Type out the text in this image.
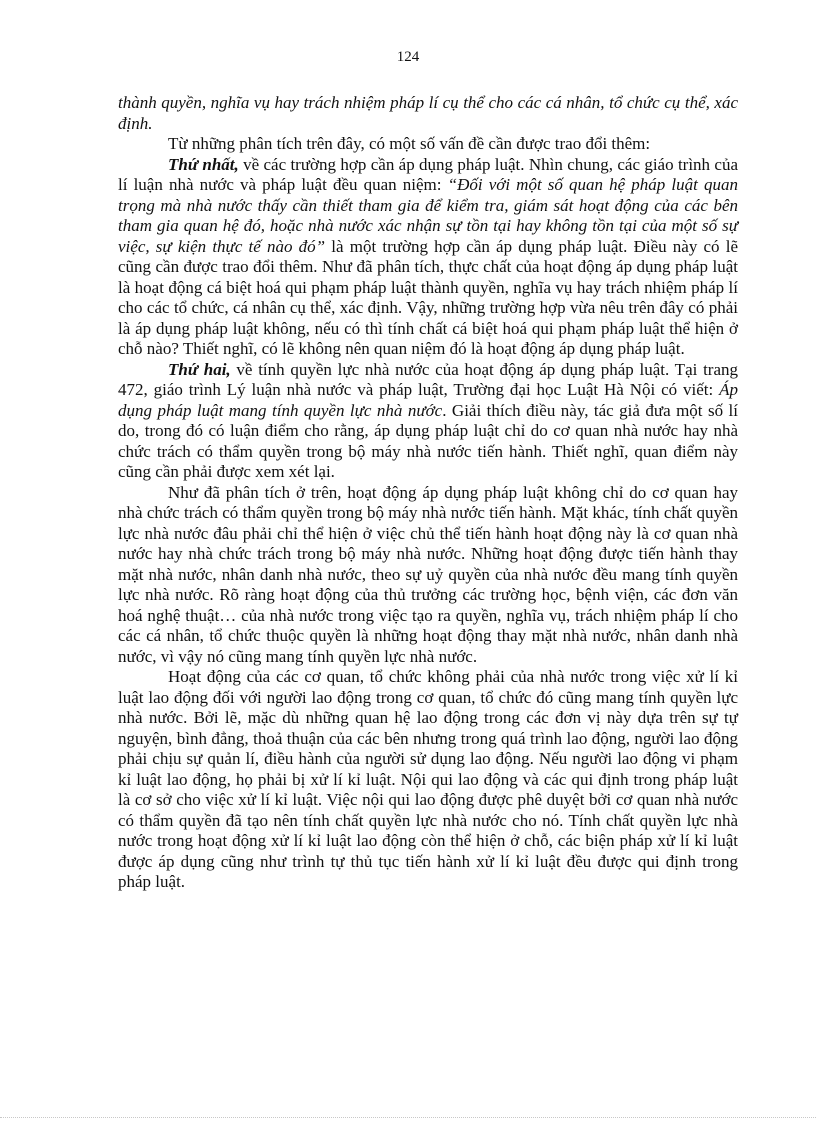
124

thành quyền, nghĩa vụ hay trách nhiệm pháp lí cụ thể cho các cá nhân, tổ chức cụ thể, xác định.

Từ những phân tích trên đây, có một số vấn đề cần được trao đổi thêm:

Thứ nhất, về các trường hợp cần áp dụng pháp luật. Nhìn chung, các giáo trình của lí luận nhà nước và pháp luật đều quan niệm: “Đối với một số quan hệ pháp luật quan trọng mà nhà nước thấy cần thiết tham gia để kiểm tra, giám sát hoạt động của các bên tham gia quan hệ đó, hoặc nhà nước xác nhận sự tồn tại hay không tồn tại của một số sự việc, sự kiện thực tế nào đó” là một trường hợp cần áp dụng pháp luật. Điều này có lẽ cũng cần được trao đổi thêm. Như đã phân tích, thực chất của hoạt động áp dụng pháp luật là hoạt động cá biệt hoá qui phạm pháp luật thành quyền, nghĩa vụ hay trách nhiệm pháp lí cho các tổ chức, cá nhân cụ thể, xác định. Vậy, những trường hợp vừa nêu trên đây có phải là áp dụng pháp luật không, nếu có thì tính chất cá biệt hoá qui phạm pháp luật thể hiện ở chỗ nào? Thiết nghĩ, có lẽ không nên quan niệm đó là hoạt động áp dụng pháp luật.

Thứ hai, về tính quyền lực nhà nước của hoạt động áp dụng pháp luật. Tại trang 472, giáo trình Lý luận nhà nước và pháp luật, Trường đại học Luật Hà Nội có viết: Áp dụng pháp luật mang tính quyền lực nhà nước. Giải thích điều này, tác giả đưa một số lí do, trong đó có luận điểm cho rằng, áp dụng pháp luật chỉ do cơ quan nhà nước hay nhà chức trách có thẩm quyền trong bộ máy nhà nước tiến hành. Thiết nghĩ, quan điểm này cũng cần phải được xem xét lại.

Như đã phân tích ở trên, hoạt động áp dụng pháp luật không chỉ do cơ quan hay nhà chức trách có thẩm quyền trong bộ máy nhà nước tiến hành. Mặt khác, tính chất quyền lực nhà nước đâu phải chỉ thể hiện ở việc chủ thể tiến hành hoạt động này là cơ quan nhà nước hay nhà chức trách trong bộ máy nhà nước. Những hoạt động được tiến hành thay mặt nhà nước, nhân danh nhà nước, theo sự uỷ quyền của nhà nước đều mang tính quyền lực nhà nước. Rõ ràng hoạt động của thủ trưởng các trường học, bệnh viện, các đơn văn hoá nghệ thuật… của nhà nước trong việc tạo ra quyền, nghĩa vụ, trách nhiệm pháp lí cho các cá nhân, tổ chức thuộc quyền là những hoạt động thay mặt nhà nước, nhân danh nhà nước, vì vậy nó cũng mang tính quyền lực nhà nước.

Hoạt động của các cơ quan, tổ chức không phải của nhà nước trong việc xử lí kỉ luật lao động đối với người lao động trong cơ quan, tổ chức đó cũng mang tính quyền lực nhà nước. Bởi lẽ, mặc dù những quan hệ lao động trong các đơn vị này dựa trên sự tự nguyện, bình đẳng, thoả thuận của các bên nhưng trong quá trình lao động, người lao động phải chịu sự quản lí, điều hành của người sử dụng lao động. Nếu người lao động vi phạm kỉ luật lao động, họ phải bị xử lí kỉ luật. Nội qui lao động và các qui định trong pháp luật là cơ sở cho việc xử lí kỉ luật. Việc nội qui lao động được phê duyệt bởi cơ quan nhà nước có thẩm quyền đã tạo nên tính chất quyền lực nhà nước cho nó. Tính chất quyền lực nhà nước trong hoạt động xử lí kỉ luật lao động còn thể hiện ở chỗ, các biện pháp xử lí kỉ luật được áp dụng cũng như trình tự thủ tục tiến hành xử lí kỉ luật đều được qui định trong pháp luật.
